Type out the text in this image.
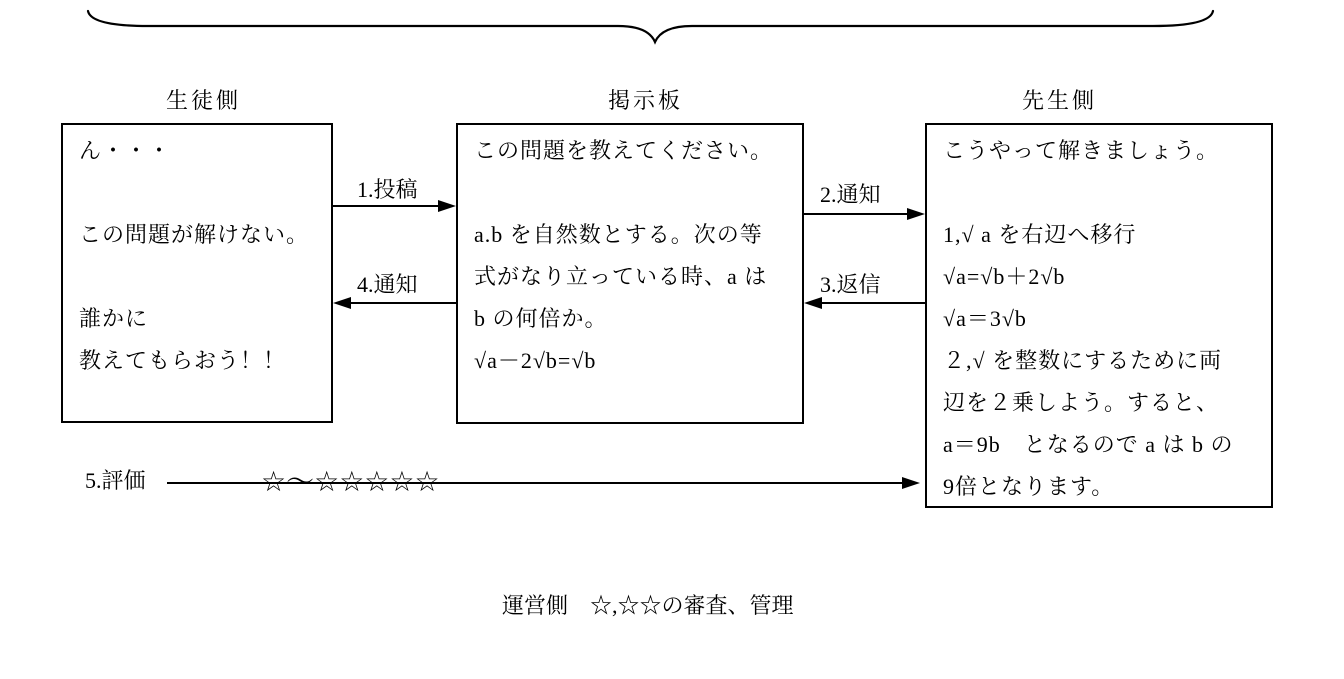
生徒側	掲示板	先生側
ん・・・
この問題が解けない。
誰かに
教えてもらおう！！
この問題を教えてください。
a.b を自然数とする。次の等
式がなり立っている時、a は
b の何倍か。
√a－2√b=√b
こうやって解きましょう。
1,√ a を右辺へ移行
√a=√b＋2√b
√a＝3√b
２,√ を整数にするために両
辺を２乗しよう。すると、
a＝9b　となるので a は b の
9倍となります。
1.投稿
4.通知
2.通知
3.返信
5.評価	☆～☆☆☆☆☆
運営側　☆,☆☆の審査、管理
